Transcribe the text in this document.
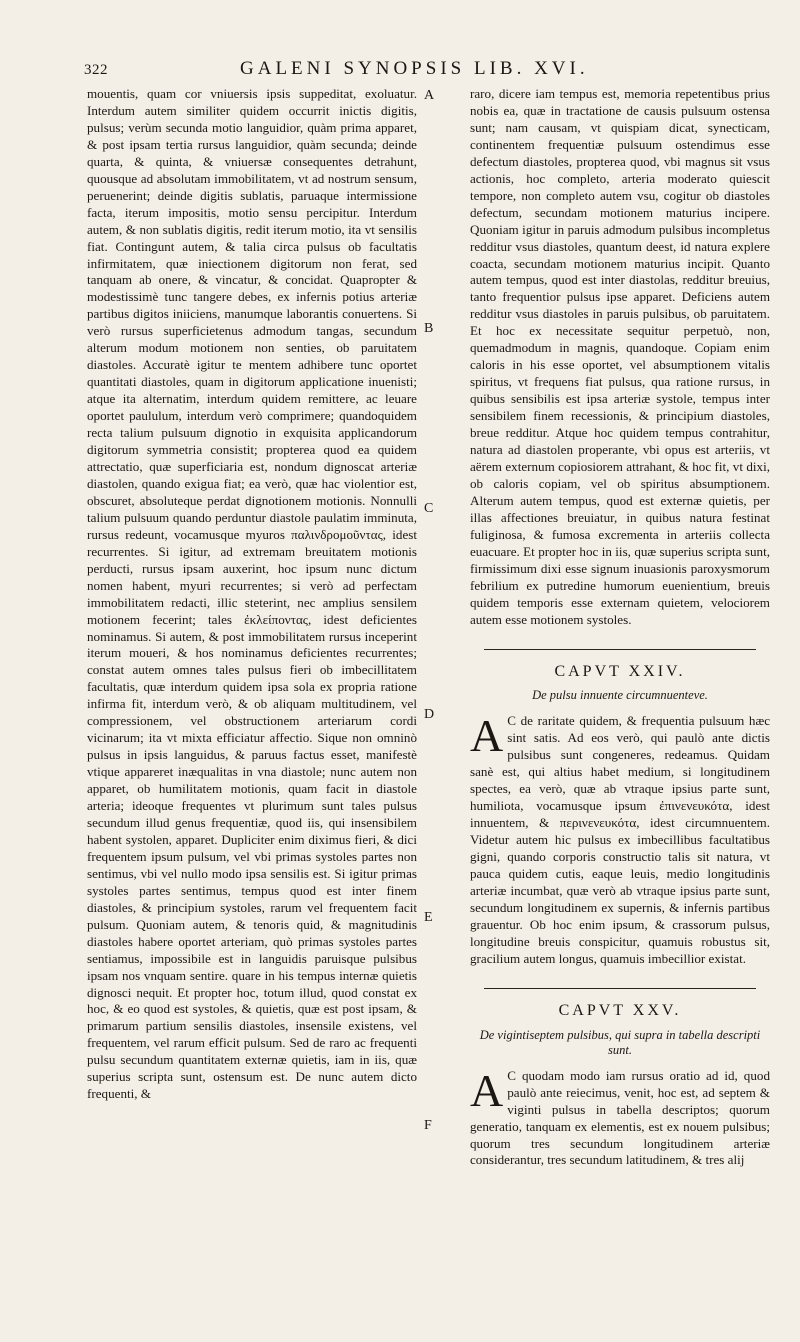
322	GALENI SYNOPSIS LIB. XVI.
A
B
C
D
E
F

mouentis, quam cor vniuersis ipsis suppeditat, exoluatur. Interdum autem similiter quidem occurrit inictis digitis, pulsus; verùm secunda motio languidior, quàm prima apparet, & post ipsam tertia rursus languidior, quàm secunda; deinde quarta, & quinta, & vniuersæ consequentes detrahunt, quousque ad absolutam immobilitatem, vt ad nostrum sensum, peruenerint; deinde digitis sublatis, paruaque intermissione facta, iterum impositis, motio sensu percipitur. Interdum autem, & non sublatis digitis, redit iterum motio, ita vt sensilis fiat. Contingunt autem, & talia circa pulsus ob facultatis infirmitatem, quæ iniectionem digitorum non ferat, sed tanquam ab onere, & vincatur, & concidat. Quapropter & modestissimè tunc tangere debes, ex infernis potius arteriæ partibus digitos iniiciens, manumque laborantis conuertens. Si verò rursus superficietenus admodum tangas, secundum alterum modum motionem non senties, ob paruitatem diastoles. Accuratè igitur te mentem adhibere tunc oportet quantitati diastoles, quam in digitorum applicatione inuenisti; atque ita alternatim, interdum quidem remittere, ac leuare oportet paululum, interdum verò comprimere; quandoquidem recta talium pulsuum dignotio in exquisita applicandorum digitorum symmetria consistit; propterea quod ea quidem attrectatio, quæ superficiaria est, nondum dignoscat arteriæ diastolen, quando exigua fiat; ea verò, quæ hac violentior est, obscuret, absoluteque perdat dignotionem motionis. Nonnulli talium pulsuum quando perduntur diastole paulatim imminuta, rursus redeunt, vocamusque myuros παλινδρομοῦντας, idest recurrentes. Si igitur, ad extremam breuitatem motionis perducti, rursus ipsam auxerint, hoc ipsum nunc dictum nomen habent, myuri recurrentes; si verò ad perfectam immobilitatem redacti, illic steterint, nec amplius sensilem motionem fecerint; tales ἐκλείποντας, idest deficientes nominamus. Si autem, & post immobilitatem rursus inceperint iterum moueri, & hos nominamus deficientes recurrentes; constat autem omnes tales pulsus fieri ob imbecillitatem facultatis, quæ interdum quidem ipsa sola ex propria ratione infirma fit, interdum verò, & ob aliquam multitudinem, vel compressionem, vel obstructionem arteriarum cordi vicinarum; ita vt mixta efficiatur affectio. Sique non omninò pulsus in ipsis languidus, & paruus factus esset, manifestè vtique appareret inæqualitas in vna diastole; nunc autem non apparet, ob humilitatem motionis, quam facit in diastole arteria; ideoque frequentes vt plurimum sunt tales pulsus secundum illud genus frequentiæ, quod iis, qui insensibilem habent systolen, apparet. Dupliciter enim diximus fieri, & dici frequentem ipsum pulsum, vel vbi primas systoles partes non sentimus, vbi vel nullo modo ipsa sensilis est. Si igitur primas systoles partes sentimus, tempus quod est inter finem diastoles, & principium systoles, rarum vel frequentem facit pulsum. Quoniam autem, & tenoris quid, & magnitudinis diastoles habere oportet arteriam, quò primas systoles partes sentiamus, impossibile est in languidis paruisque pulsibus ipsam nos vnquam sentire. quare in his tempus internæ quietis dignosci nequit. Et propter hoc, totum illud, quod constat ex hoc, & eo quod est systoles, & quietis, quæ est post ipsam, & primarum partium sensilis diastoles, insensile existens, vel frequentem, vel rarum efficit pulsum. Sed de raro ac frequenti pulsu secundum quantitatem externæ quietis, iam in iis, quæ superius scripta sunt, ostensum est. De nunc autem dicto frequenti, &

raro, dicere iam tempus est, memoria repetentibus prius nobis ea, quæ in tractatione de causis pulsuum ostensa sunt; nam causam, vt quispiam dicat, synecticam, continentem frequentiæ pulsuum ostendimus esse defectum diastoles, propterea quod, vbi magnus sit vsus actionis, hoc completo, arteria moderato quiescit tempore, non completo autem vsu, cogitur ob diastoles defectum, secundam motionem maturius incipere. Quoniam igitur in paruis admodum pulsibus incompletus redditur vsus diastoles, quantum deest, id natura explere coacta, secundam motionem maturius incipit. Quanto autem tempus, quod est inter diastolas, redditur breuius, tanto frequentior pulsus ipse apparet. Deficiens autem redditur vsus diastoles in paruis pulsibus, ob paruitatem. Et hoc ex necessitate sequitur perpetuò, non, quemadmodum in magnis, quandoque. Copiam enim caloris in his esse oportet, vel absumptionem vitalis spiritus, vt frequens fiat pulsus, qua ratione rursus, in quibus sensibilis est ipsa arteriæ systole, tempus inter sensibilem finem recessionis, & principium diastoles, breue redditur. Atque hoc quidem tempus contrahitur, natura ad diastolen properante, vbi opus est arteriis, vt aërem externum copiosiorem attrahant, & hoc fit, vt dixi, ob caloris copiam, vel ob spiritus absumptionem. Alterum autem tempus, quod est externæ quietis, per illas affectiones breuiatur, in quibus natura festinat fuliginosa, & fumosa excrementa in arteriis collecta euacuare. Et propter hoc in iis, quæ superius scripta sunt, firmissimum dixi esse signum inuasionis paroxysmorum febrilium ex putredine humorum euenientium, breuis quidem temporis esse externam quietem, velociorem autem esse motionem systoles.

CAPVT XXIV.
De pulsu innuente circumnuenteve.

A C de raritate quidem, & frequentia pulsuum hæc sint satis. Ad eos verò, qui paulò ante dictis pulsibus sunt congeneres, redeamus. Quidam sanè est, qui altius habet medium, si longitudinem spectes, ea verò, quæ ab vtraque ipsius parte sunt, humiliota, vocamusque ipsum ἐπινενευκότα, idest innuentem, & περινενευκότα, idest circumnuentem. Videtur autem hic pulsus ex imbecillibus facultatibus gigni, quando corporis constructio talis sit natura, vt pauca quidem cutis, eaque leuis, medio longitudinis arteriæ incumbat, quæ verò ab vtraque ipsius parte sunt, secundum longitudinem ex supernis, & infernis partibus grauentur. Ob hoc enim ipsum, & crassorum pulsus, longitudine breuis conspicitur, quamuis robustus sit, gracilium autem longus, quamuis imbecillior existat.

CAPVT XXV.
De vigintiseptem pulsibus, qui supra in tabella descripti sunt.

A C quodam modo iam rursus oratio ad id, quod paulò ante reiecimus, venit, hoc est, ad septem & viginti pulsus in tabella descriptos; quorum generatio, tanquam ex elementis, est ex nouem pulsibus; quorum tres secundum longitudinem arteriæ considerantur, tres secundum latitudinem, & tres alij
